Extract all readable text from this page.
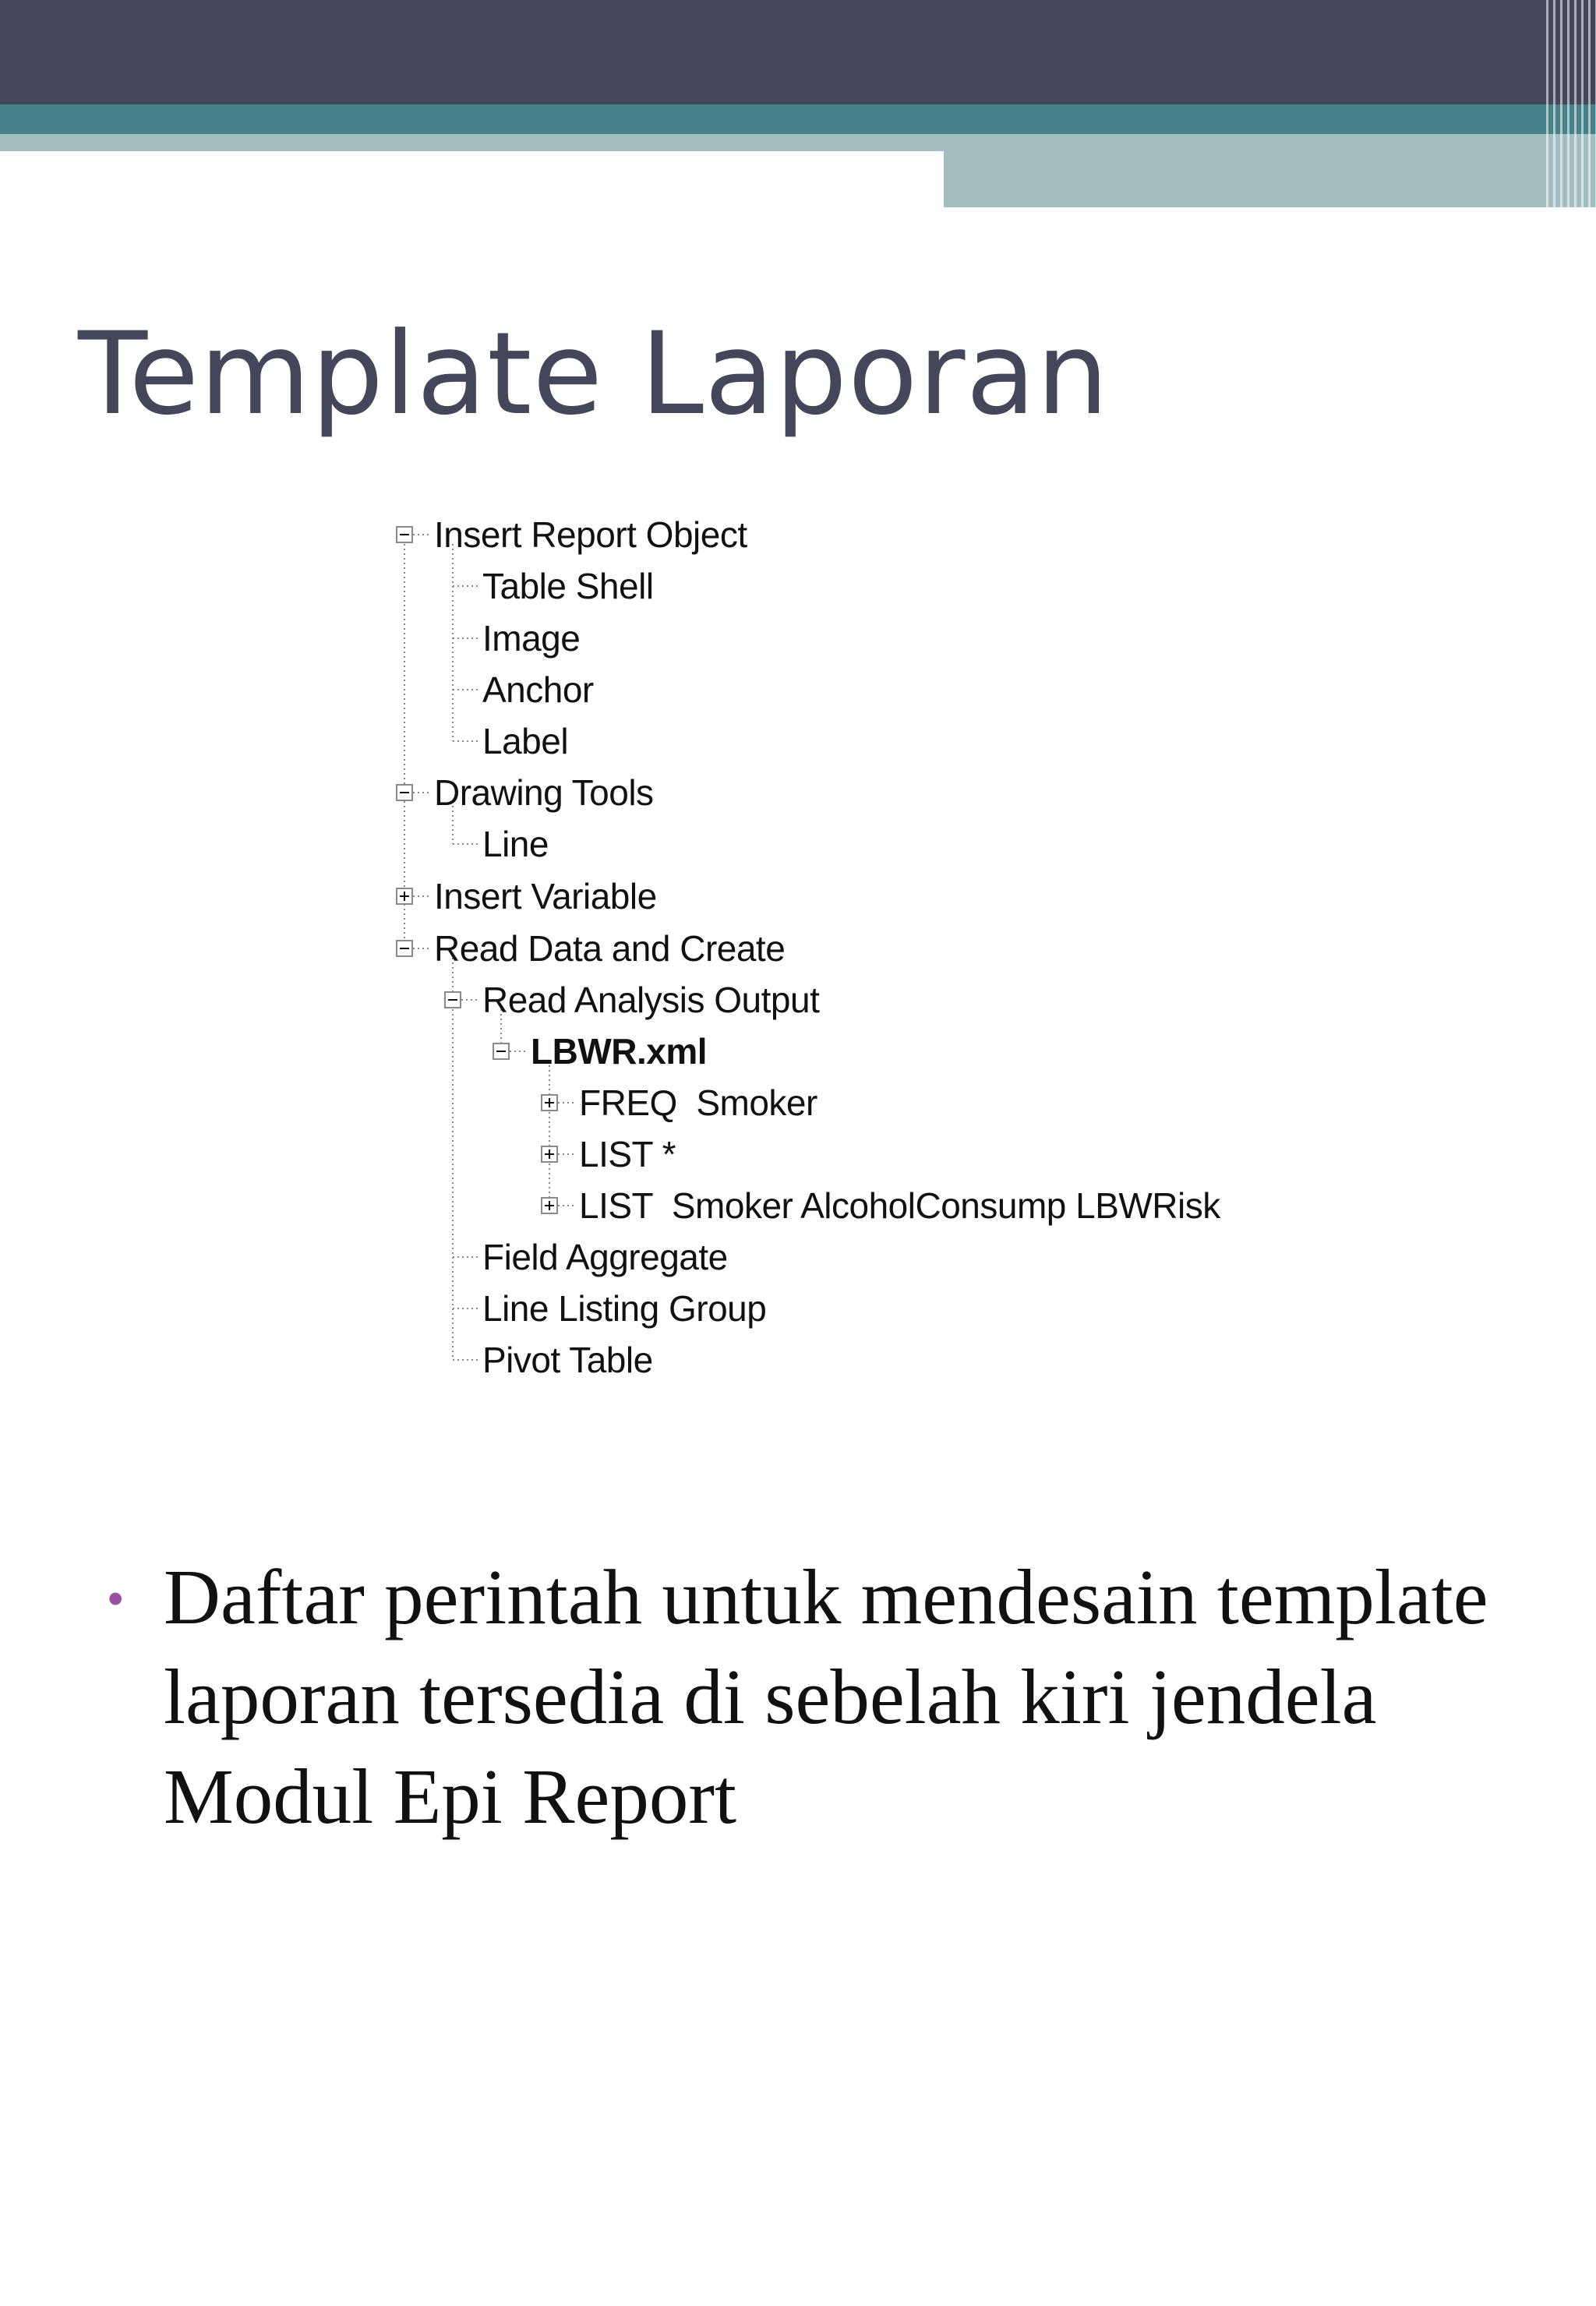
Template Laporan
Insert Report Object
Table Shell
Image
Anchor
Label
Drawing Tools
Line
Insert Variable
Read Data and Create
Read Analysis Output
LBWR.xml
FREQ  Smoker
LIST *
LIST  Smoker AlcoholConsump LBWRisk
Field Aggregate
Line Listing Group
Pivot Table
• Daftar perintah untuk mendesain template laporan tersedia di sebelah kiri jendela Modul Epi Report
